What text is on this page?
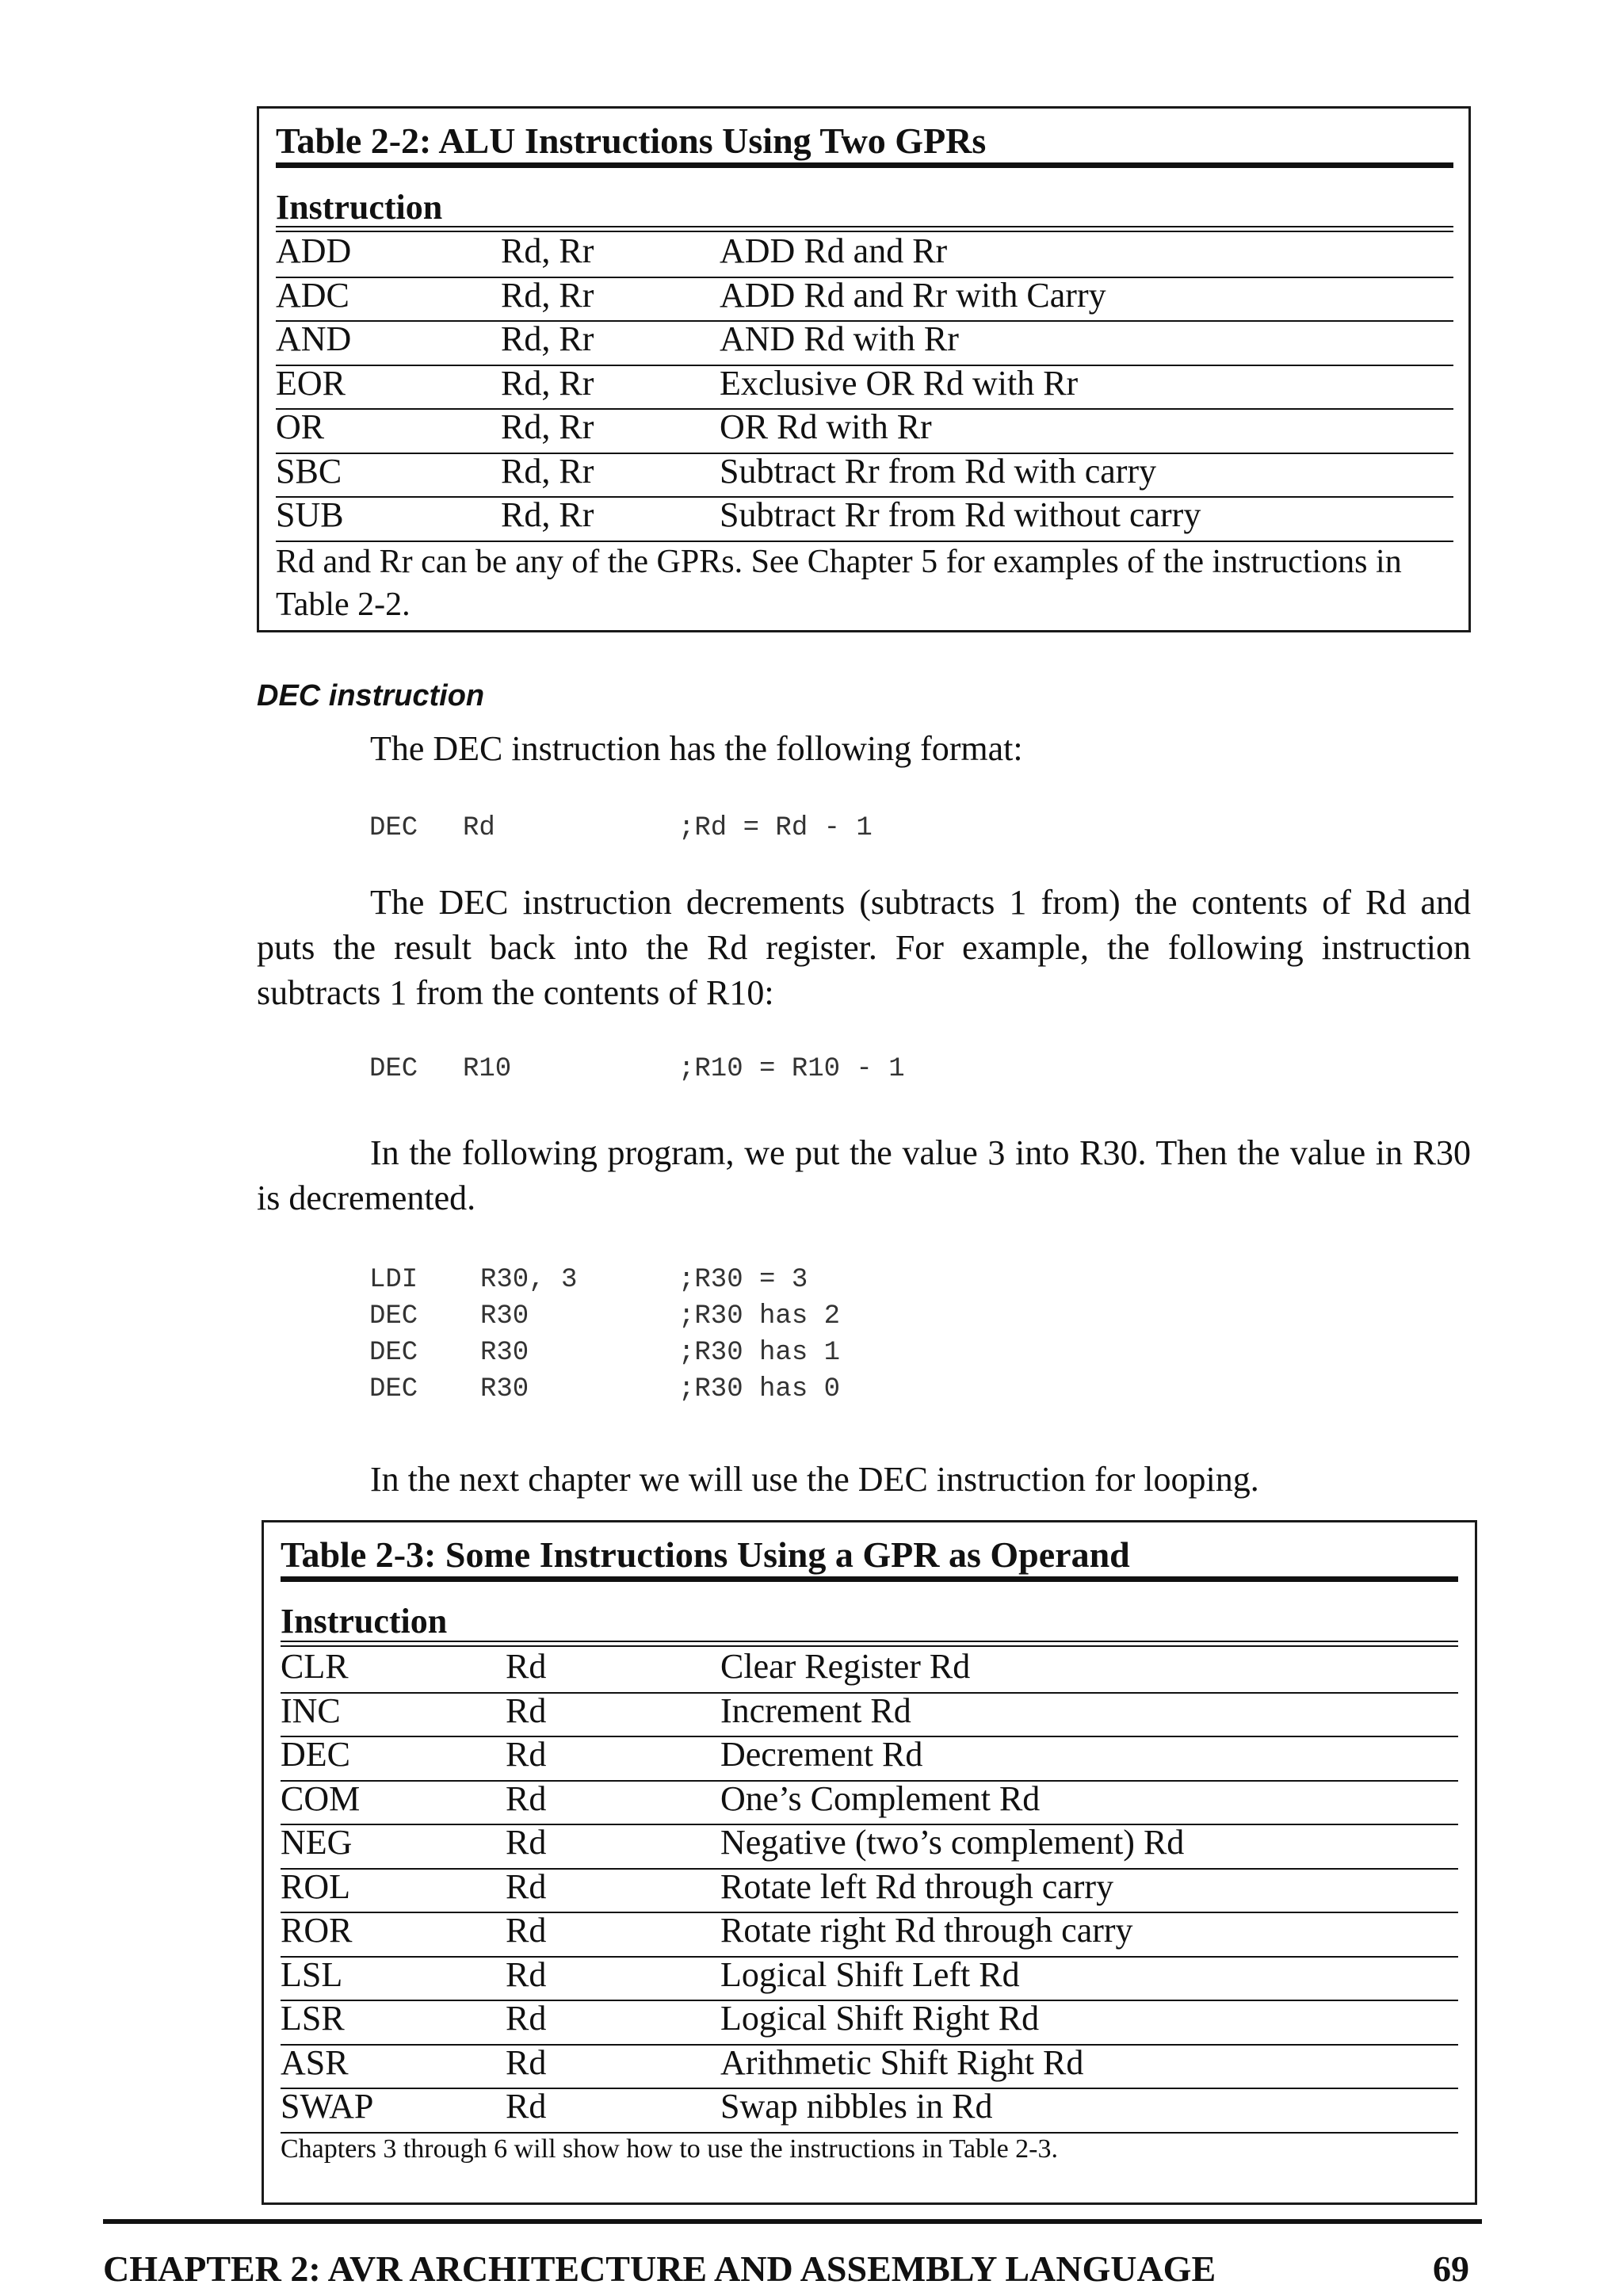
Table 2-2: ALU Instructions Using Two GPRs
Instruction
ADD	Rd, Rr	ADD Rd and Rr
ADC	Rd, Rr	ADD Rd and Rr with Carry
AND	Rd, Rr	AND Rd with Rr
EOR	Rd, Rr	Exclusive OR Rd with Rr
OR	Rd, Rr	OR Rd with Rr
SBC	Rd, Rr	Subtract Rr from Rd with carry
SUB	Rd, Rr	Subtract Rr from Rd without carry
Rd and Rr can be any of the GPRs. See Chapter 5 for examples of the instructions in Table 2-2.
DEC instruction
The DEC instruction has the following format:

DEC Rd	;Rd = Rd - 1

The DEC instruction decrements (subtracts 1 from) the contents of Rd and puts the result back into the Rd register. For example, the following instruction subtracts 1 from the contents of R10:

DEC R10	;R10 = R10 - 1

In the following program, we put the value 3 into R30. Then the value in R30 is decremented.

LDI R30, 3	;R30 = 3
DEC R30	;R30 has 2
DEC R30	;R30 has 1
DEC R30	;R30 has 0

In the next chapter we will use the DEC instruction for looping.
Table 2-3: Some Instructions Using a GPR as Operand
Instruction
CLR	Rd	Clear Register Rd
INC	Rd	Increment Rd
DEC	Rd	Decrement Rd
COM	Rd	One’s Complement Rd
NEG	Rd	Negative (two’s complement) Rd
ROL	Rd	Rotate left Rd through carry
ROR	Rd	Rotate right Rd through carry
LSL	Rd	Logical Shift Left Rd
LSR	Rd	Logical Shift Right Rd
ASR	Rd	Arithmetic Shift Right Rd
SWAP	Rd	Swap nibbles in Rd
Chapters 3 through 6 will show how to use the instructions in Table 2-3.
CHAPTER 2: AVR ARCHITECTURE AND ASSEMBLY LANGUAGE	69
